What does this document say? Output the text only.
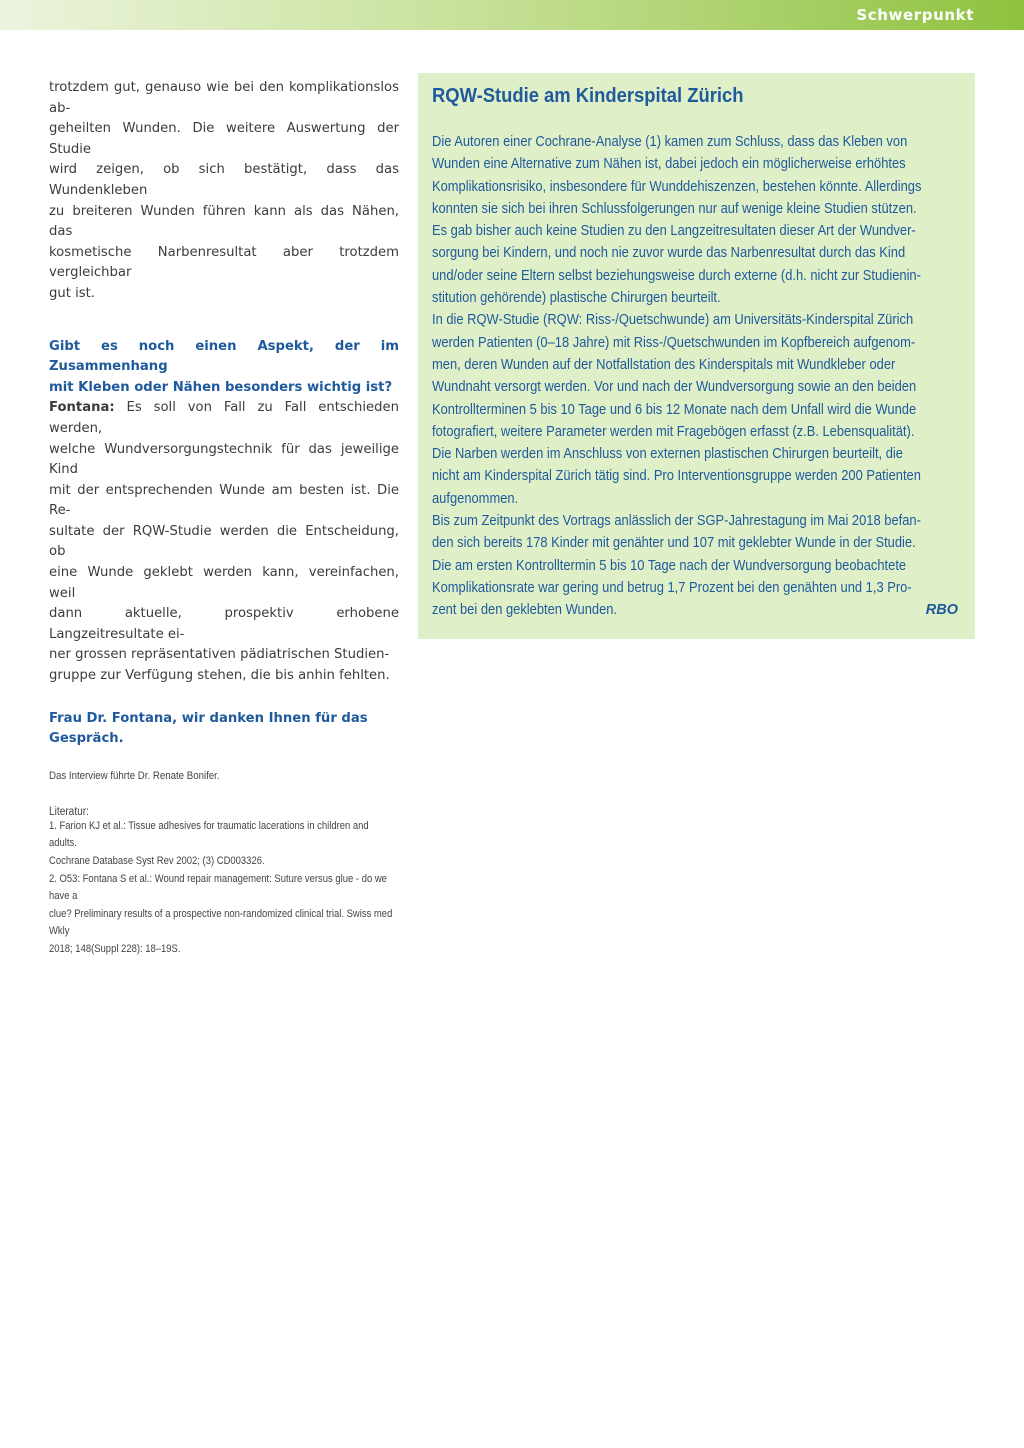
Schwerpunkt
trotzdem gut, genauso wie bei den komplikationslos ab-
geheilten Wunden. Die weitere Auswertung der Studie
wird zeigen, ob sich bestätigt, dass das Wundenkleben
zu breiteren Wunden führen kann als das Nähen, das
kosmetische Narbenresultat aber trotzdem vergleichbar
gut ist.
Gibt es noch einen Aspekt, der im Zusammenhang
mit Kleben oder Nähen besonders wichtig ist?
Fontana: Es soll von Fall zu Fall entschieden werden,
welche Wundversorgungstechnik für das jeweilige Kind
mit der entsprechenden Wunde am besten ist. Die Re-
sultate der RQW-Studie werden die Entscheidung, ob
eine Wunde geklebt werden kann, vereinfachen, weil
dann aktuelle, prospektiv erhobene Langzeitresultate ei-
ner grossen repräsentativen pädiatrischen Studien-
gruppe zur Verfügung stehen, die bis anhin fehlten.
Frau Dr. Fontana, wir danken Ihnen für das Gespräch.
Das Interview führte Dr. Renate Bonifer.
Literatur:
1. Farion KJ et al.: Tissue adhesives for traumatic lacerations in children and adults.
Cochrane Database Syst Rev 2002; (3) CD003326.
2. O53: Fontana S et al.: Wound repair management: Suture versus glue - do we have a
clue? Preliminary results of a prospective non-randomized clinical trial. Swiss med Wkly
2018; 148(Suppl 228): 18–19S.
RQW-Studie am Kinderspital Zürich
Die Autoren einer Cochrane-Analyse (1) kamen zum Schluss, dass das Kleben von
Wunden eine Alternative zum Nähen ist, dabei jedoch ein möglicherweise erhöhtes
Komplikationsrisiko, insbesondere für Wunddehiszenzen, bestehen könnte. Allerdings
konnten sie sich bei ihren Schlussfolgerungen nur auf wenige kleine Studien stützen.
Es gab bisher auch keine Studien zu den Langzeitresultaten dieser Art der Wundver-
sorgung bei Kindern, und noch nie zuvor wurde das Narbenresultat durch das Kind
und/oder seine Eltern selbst beziehungsweise durch externe (d.h. nicht zur Studienin-
stitution gehörende) plastische Chirurgen beurteilt.
In die RQW-Studie (RQW: Riss-/Quetschwunde) am Universitäts-Kinderspital Zürich
werden Patienten (0–18 Jahre) mit Riss-/Quetschwunden im Kopfbereich aufgenom-
men, deren Wunden auf der Notfallstation des Kinderspitals mit Wundkleber oder
Wundnaht versorgt werden. Vor und nach der Wundversorgung sowie an den beiden
Kontrollterminen 5 bis 10 Tage und 6 bis 12 Monate nach dem Unfall wird die Wunde
fotografiert, weitere Parameter werden mit Fragebögen erfasst (z.B. Lebensqualität).
Die Narben werden im Anschluss von externen plastischen Chirurgen beurteilt, die
nicht am Kinderspital Zürich tätig sind. Pro Interventionsgruppe werden 200 Patienten
aufgenommen.
Bis zum Zeitpunkt des Vortrags anlässlich der SGP-Jahrestagung im Mai 2018 befan-
den sich bereits 178 Kinder mit genähter und 107 mit geklebter Wunde in der Studie.
Die am ersten Kontrolltermin 5 bis 10 Tage nach der Wundversorgung beobachtete
Komplikationsrate war gering und betrug 1,7 Prozent bei den genähten und 1,3 Pro-
zent bei den geklebten Wunden.	RBO
